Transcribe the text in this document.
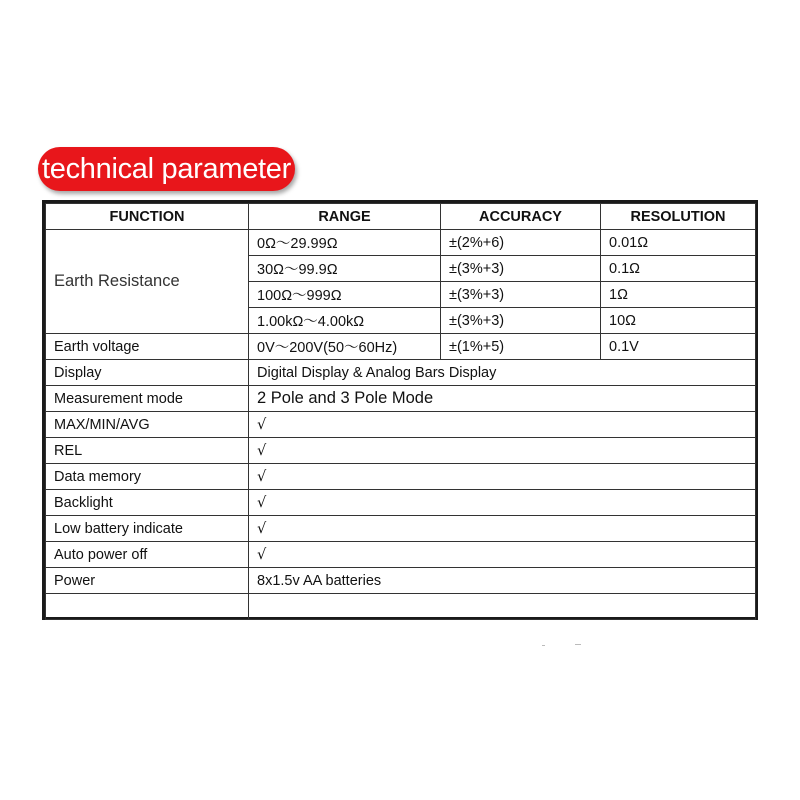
technical parameter
FUNCTION	RANGE	ACCURACY	RESOLUTION
Earth Resistance	0Ω～29.99Ω	±(2%+6)	0.01Ω
	30Ω～99.9Ω	±(3%+3)	0.1Ω
	100Ω～999Ω	±(3%+3)	1Ω
	1.00kΩ～4.00kΩ	±(3%+3)	10Ω
Earth voltage	0V～200V(50～60Hz)	±(1%+5)	0.1V
Display	Digital Display & Analog Bars Display		
Measurement mode	2 Pole and 3 Pole Mode		
MAX/MIN/AVG	√		
REL	√		
Data memory	√		
Backlight	√		
Low battery indicate	√		
Auto power off	√		
Power	8x1.5v AA batteries		
